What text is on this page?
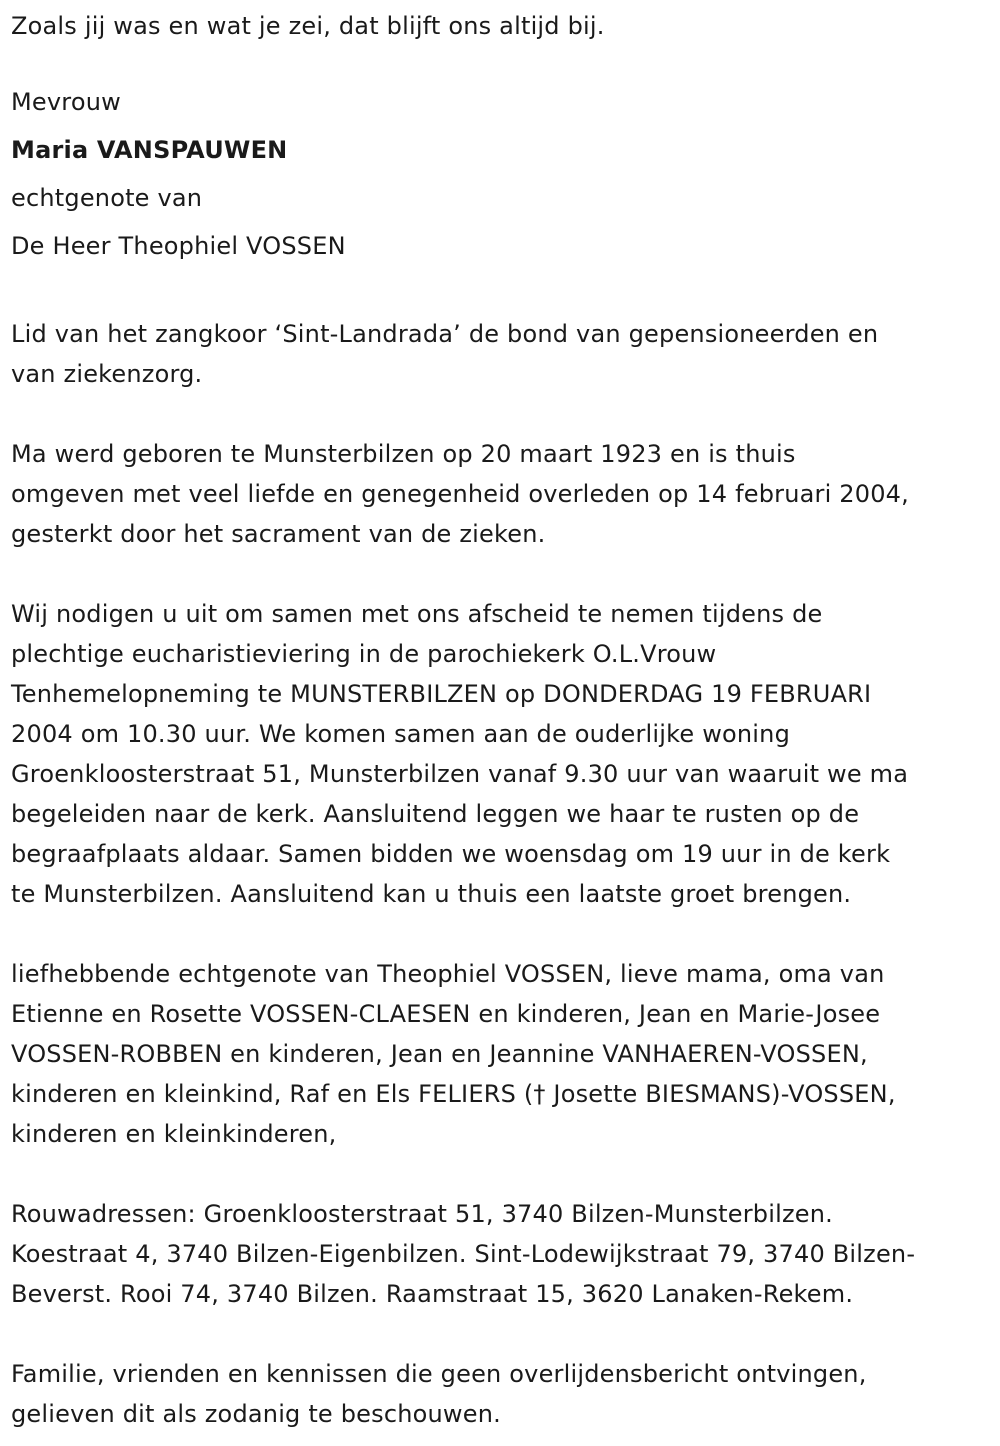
Zoals jij was en wat je zei, dat blijft ons altijd bij.

Mevrouw

Maria VANSPAUWEN

echtgenote van

De Heer Theophiel VOSSEN

Lid van het zangkoor ‘Sint-Landrada’ de bond van gepensioneerden en

van ziekenzorg.

Ma werd geboren te Munsterbilzen op 20 maart 1923 en is thuis

omgeven met veel liefde en genegenheid overleden op 14 februari 2004,

gesterkt door het sacrament van de zieken.

Wij nodigen u uit om samen met ons afscheid te nemen tijdens de

plechtige eucharistieviering in de parochiekerk O.L.Vrouw

Tenhemelopneming te MUNSTERBILZEN op DONDERDAG 19 FEBRUARI

2004 om 10.30 uur. We komen samen aan de ouderlijke woning

Groenkloosterstraat 51, Munsterbilzen vanaf 9.30 uur van waaruit we ma

begeleiden naar de kerk. Aansluitend leggen we haar te rusten op de

begraafplaats aldaar. Samen bidden we woensdag om 19 uur in de kerk

te Munsterbilzen. Aansluitend kan u thuis een laatste groet brengen.

liefhebbende echtgenote van Theophiel VOSSEN, lieve mama, oma van

Etienne en Rosette VOSSEN-CLAESEN en kinderen, Jean en Marie-Josee

VOSSEN-ROBBEN en kinderen, Jean en Jeannine VANHAEREN-VOSSEN,

kinderen en kleinkind, Raf en Els FELIERS († Josette BIESMANS)-VOSSEN,

kinderen en kleinkinderen,

Rouwadressen: Groenkloosterstraat 51, 3740 Bilzen-Munsterbilzen.

Koestraat 4, 3740 Bilzen-Eigenbilzen. Sint-Lodewijkstraat 79, 3740 Bilzen-

Beverst. Rooi 74, 3740 Bilzen. Raamstraat 15, 3620 Lanaken-Rekem.

Familie, vrienden en kennissen die geen overlijdensbericht ontvingen,

gelieven dit als zodanig te beschouwen.
